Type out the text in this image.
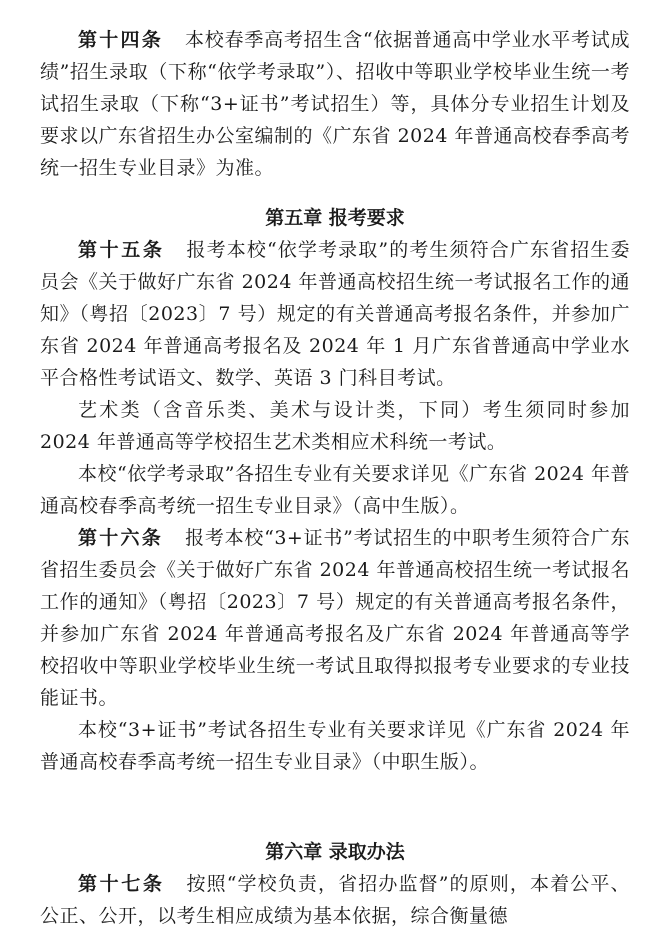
第十四条 本校春季高考招生含“依据普通高中学业水平考试成绩”招生录取（下称“依学考录取”）、招收中等职业学校毕业生统一考试招生录取（下称“3+证书”考试招生）等，具体分专业招生计划及要求以广东省招生办公室编制的《广东省 2024 年普通高校春季高考统一招生专业目录》为准。

第五章 报考要求

第十五条 报考本校“依学考录取”的考生须符合广东省招生委员会《关于做好广东省 2024 年普通高校招生统一考试报名工作的通知》（粤招〔2023〕7 号）规定的有关普通高考报名条件，并参加广东省 2024 年普通高考报名及 2024 年 1 月广东省普通高中学业水平合格性考试语文、数学、英语 3 门科目考试。

艺术类（含音乐类、美术与设计类，下同）考生须同时参加 2024 年普通高等学校招生艺术类相应术科统一考试。

本校“依学考录取”各招生专业有关要求详见《广东省 2024 年普通高校春季高考统一招生专业目录》（高中生版）。

第十六条 报考本校“3+证书”考试招生的中职考生须符合广东省招生委员会《关于做好广东省 2024 年普通高校招生统一考试报名工作的通知》（粤招〔2023〕7 号）规定的有关普通高考报名条件，并参加广东省 2024 年普通高考报名及广东省 2024 年普通高等学校招收中等职业学校毕业生统一考试且取得拟报考专业要求的专业技能证书。

本校“3+证书”考试各招生专业有关要求详见《广东省 2024 年普通高校春季高考统一招生专业目录》（中职生版）。

第六章 录取办法

第十七条 按照“学校负责，省招办监督”的原则，本着公平、公正、公开，以考生相应成绩为基本依据，综合衡量德
